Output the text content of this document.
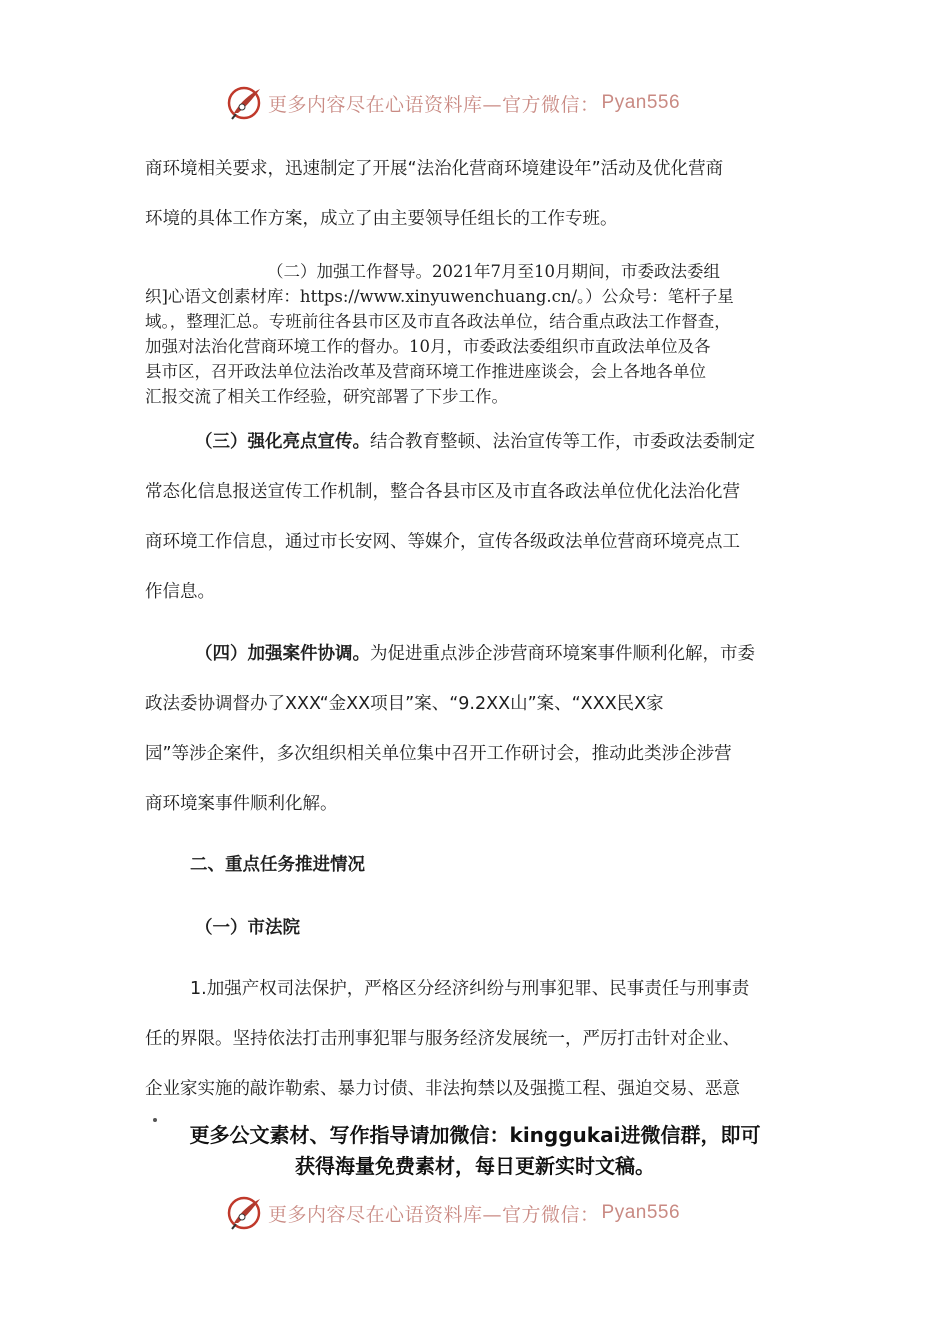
更多内容尽在心语资料库—官方微信： Pyan556
商环境相关要求，迅速制定了开展“法治化营商环境建设年”活动及优化营商
环境的具体工作方案，成立了由主要领导任组长的工作专班。
（二）加强工作督导。2021年7月至10月期间，市委政法委组
织]心语文创素材库：https://www.xinyuwenchuang.cn/。）公众号：笔杆子星
域。，整理汇总。专班前往各县市区及市直各政法单位，结合重点政法工作督查，
加强对法治化营商环境工作的督办。10月，市委政法委组织市直政法单位及各
县市区，召开政法单位法治改革及营商环境工作推进座谈会，会上各地各单位
汇报交流了相关工作经验，研究部署了下步工作。
（三）强化亮点宣传。结合教育整顿、法治宣传等工作，市委政法委制定
常态化信息报送宣传工作机制，整合各县市区及市直各政法单位优化法治化营
商环境工作信息，通过市长安网、等媒介，宣传各级政法单位营商环境亮点工
作信息。
（四）加强案件协调。为促进重点涉企涉营商环境案事件顺利化解，市委
政法委协调督办了XXX“金XX项目”案、“9.2XX山”案、“XXX民X家
园”等涉企案件，多次组织相关单位集中召开工作研讨会，推动此类涉企涉营
商环境案事件顺利化解。
二、重点任务推进情况
（一）市法院
1.加强产权司法保护，严格区分经济纠纷与刑事犯罪、民事责任与刑事责
任的界限。坚持依法打击刑事犯罪与服务经济发展统一，严厉打击针对企业、
企业家实施的敲诈勒索、暴力讨债、非法拘禁以及强揽工程、强迫交易、恶意
更多公文素材、写作指导请加微信：kinggukai进微信群，即可
获得海量免费素材，每日更新实时文稿。
更多内容尽在心语资料库—官方微信： Pyan556
